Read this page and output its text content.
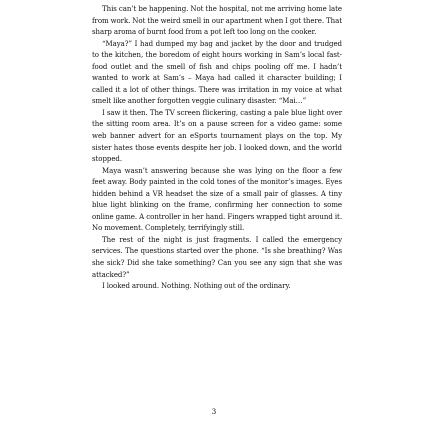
This can’t be happening. Not the hospital, not me arriving home late from work. Not the weird smell in our apartment when I got there. That sharp aroma of burnt food from a pot left too long on the cooker.

“Maya?” I had dumped my bag and jacket by the door and trudged to the kitchen, the boredom of eight hours working in Sam’s local fast-food outlet and the smell of fish and chips pooling off me. I hadn’t wanted to work at Sam’s – Maya had called it character building; I called it a lot of other things. There was irritation in my voice at what smelt like another forgotten veggie culinary disaster. “Mai…”

I saw it then. The TV screen flickering, casting a pale blue light over the sitting room area. It’s on a pause screen for a video game: some web banner advert for an eSports tournament plays on the top. My sister hates those events despite her job. I looked down, and the world stopped.

Maya wasn’t answering because she was lying on the floor a few feet away. Body painted in the cold tones of the monitor’s images. Eyes hidden behind a VR headset the size of a small pair of glasses. A tiny blue light blinking on the frame, confirming her connection to some online game. A controller in her hand. Fingers wrapped tight around it. No movement. Completely, terrifyingly still.

The rest of the night is just fragments. I called the emergency services. The questions started over the phone. “Is she breathing? Was she sick? Did she take something? Can you see any sign that she was attacked?”

I looked around. Nothing. Nothing out of the ordinary.

3
